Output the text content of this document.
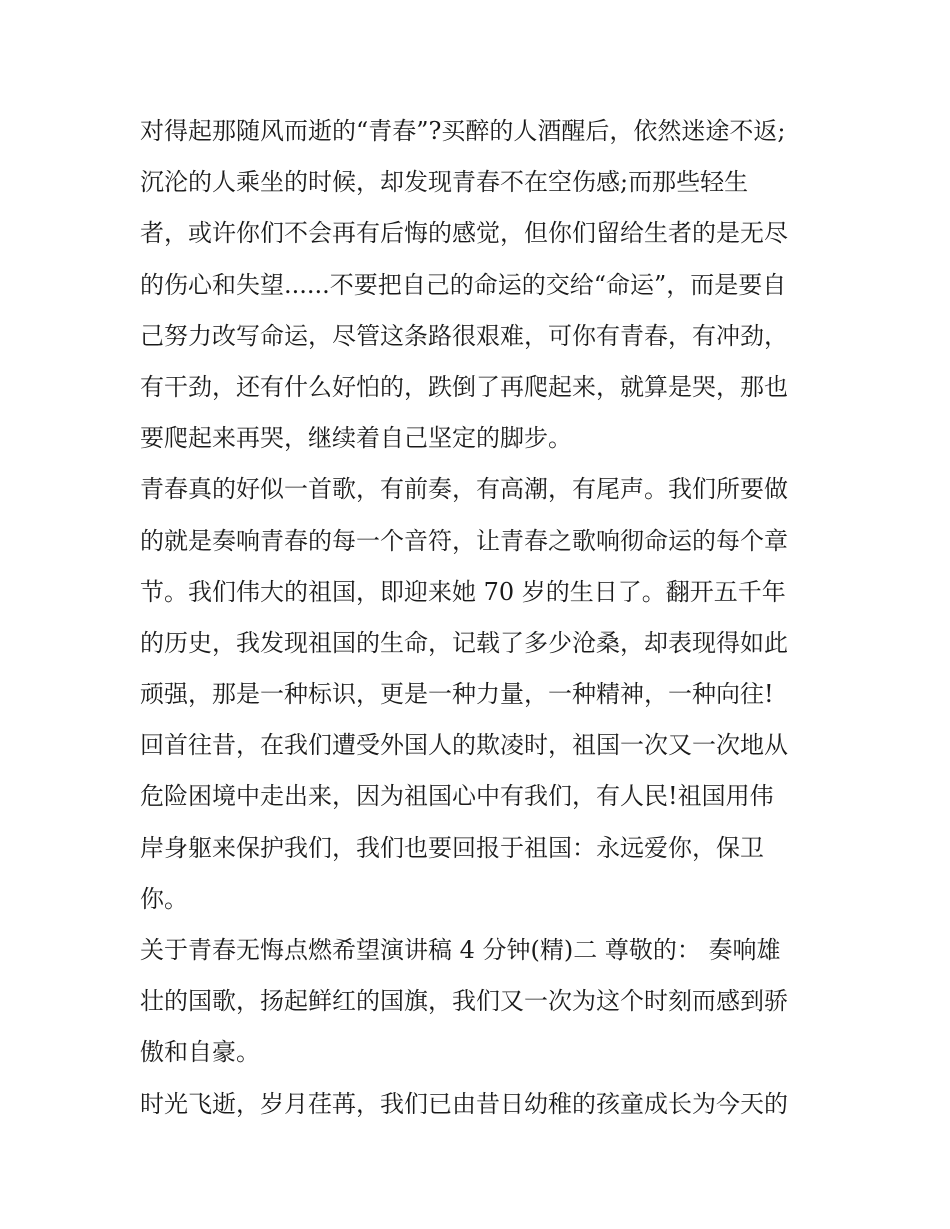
对得起那随风而逝的“青春”?买醉的人酒醒后，依然迷途不返;
沉沦的人乘坐的时候，却发现青春不在空伤感;而那些轻生
者，或许你们不会再有后悔的感觉，但你们留给生者的是无尽
的伤心和失望......不要把自己的命运的交给“命运”，而是要自
己努力改写命运，尽管这条路很艰难，可你有青春，有冲劲，
有干劲，还有什么好怕的，跌倒了再爬起来，就算是哭，那也
要爬起来再哭，继续着自己坚定的脚步。
青春真的好似一首歌，有前奏，有高潮，有尾声。我们所要做
的就是奏响青春的每一个音符，让青春之歌响彻命运的每个章
节。我们伟大的祖国，即迎来她 70 岁的生日了。翻开五千年
的历史，我发现祖国的生命，记载了多少沧桑，却表现得如此
顽强，那是一种标识，更是一种力量，一种精神，一种向往!
回首往昔，在我们遭受外国人的欺凌时，祖国一次又一次地从
危险困境中走出来，因为祖国心中有我们，有人民!祖国用伟
岸身躯来保护我们，我们也要回报于祖国：永远爱你，保卫
你。
关于青春无悔点燃希望演讲稿 4 分钟(精)二 尊敬的： 奏响雄
壮的国歌，扬起鲜红的国旗，我们又一次为这个时刻而感到骄
傲和自豪。
时光飞逝，岁月荏苒，我们已由昔日幼稚的孩童成长为今天的
